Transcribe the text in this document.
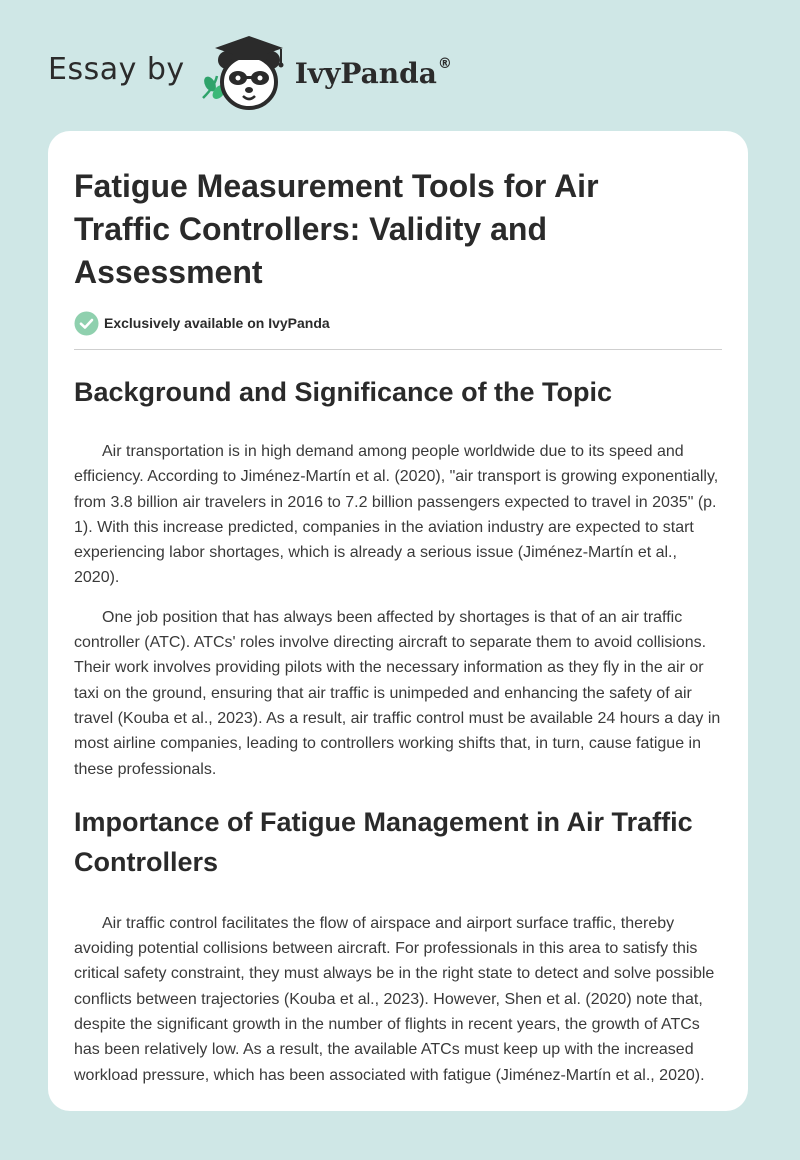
Essay by	IvyPanda®
Fatigue Measurement Tools for Air Traffic Controllers: Validity and Assessment
Exclusively available on IvyPanda
Background and Significance of the Topic

Air transportation is in high demand among people worldwide due to its speed and efficiency. According to Jiménez-Martín et al. (2020), "air transport is growing exponentially, from 3.8 billion air travelers in 2016 to 7.2 billion passengers expected to travel in 2035" (p. 1). With this increase predicted, companies in the aviation industry are expected to start experiencing labor shortages, which is already a serious issue (Jiménez-Martín et al., 2020).

One job position that has always been affected by shortages is that of an air traffic controller (ATC). ATCs' roles involve directing aircraft to separate them to avoid collisions. Their work involves providing pilots with the necessary information as they fly in the air or taxi on the ground, ensuring that air traffic is unimpeded and enhancing the safety of air travel (Kouba et al., 2023). As a result, air traffic control must be available 24 hours a day in most airline companies, leading to controllers working shifts that, in turn, cause fatigue in these professionals.

Importance of Fatigue Management in Air Traffic Controllers

Air traffic control facilitates the flow of airspace and airport surface traffic, thereby avoiding potential collisions between aircraft. For professionals in this area to satisfy this critical safety constraint, they must always be in the right state to detect and solve possible conflicts between trajectories (Kouba et al., 2023). However, Shen et al. (2020) note that, despite the significant growth in the number of flights in recent years, the growth of ATCs has been relatively low. As a result, the available ATCs must keep up with the increased workload pressure, which has been associated with fatigue (Jiménez-Martín et al., 2020).
